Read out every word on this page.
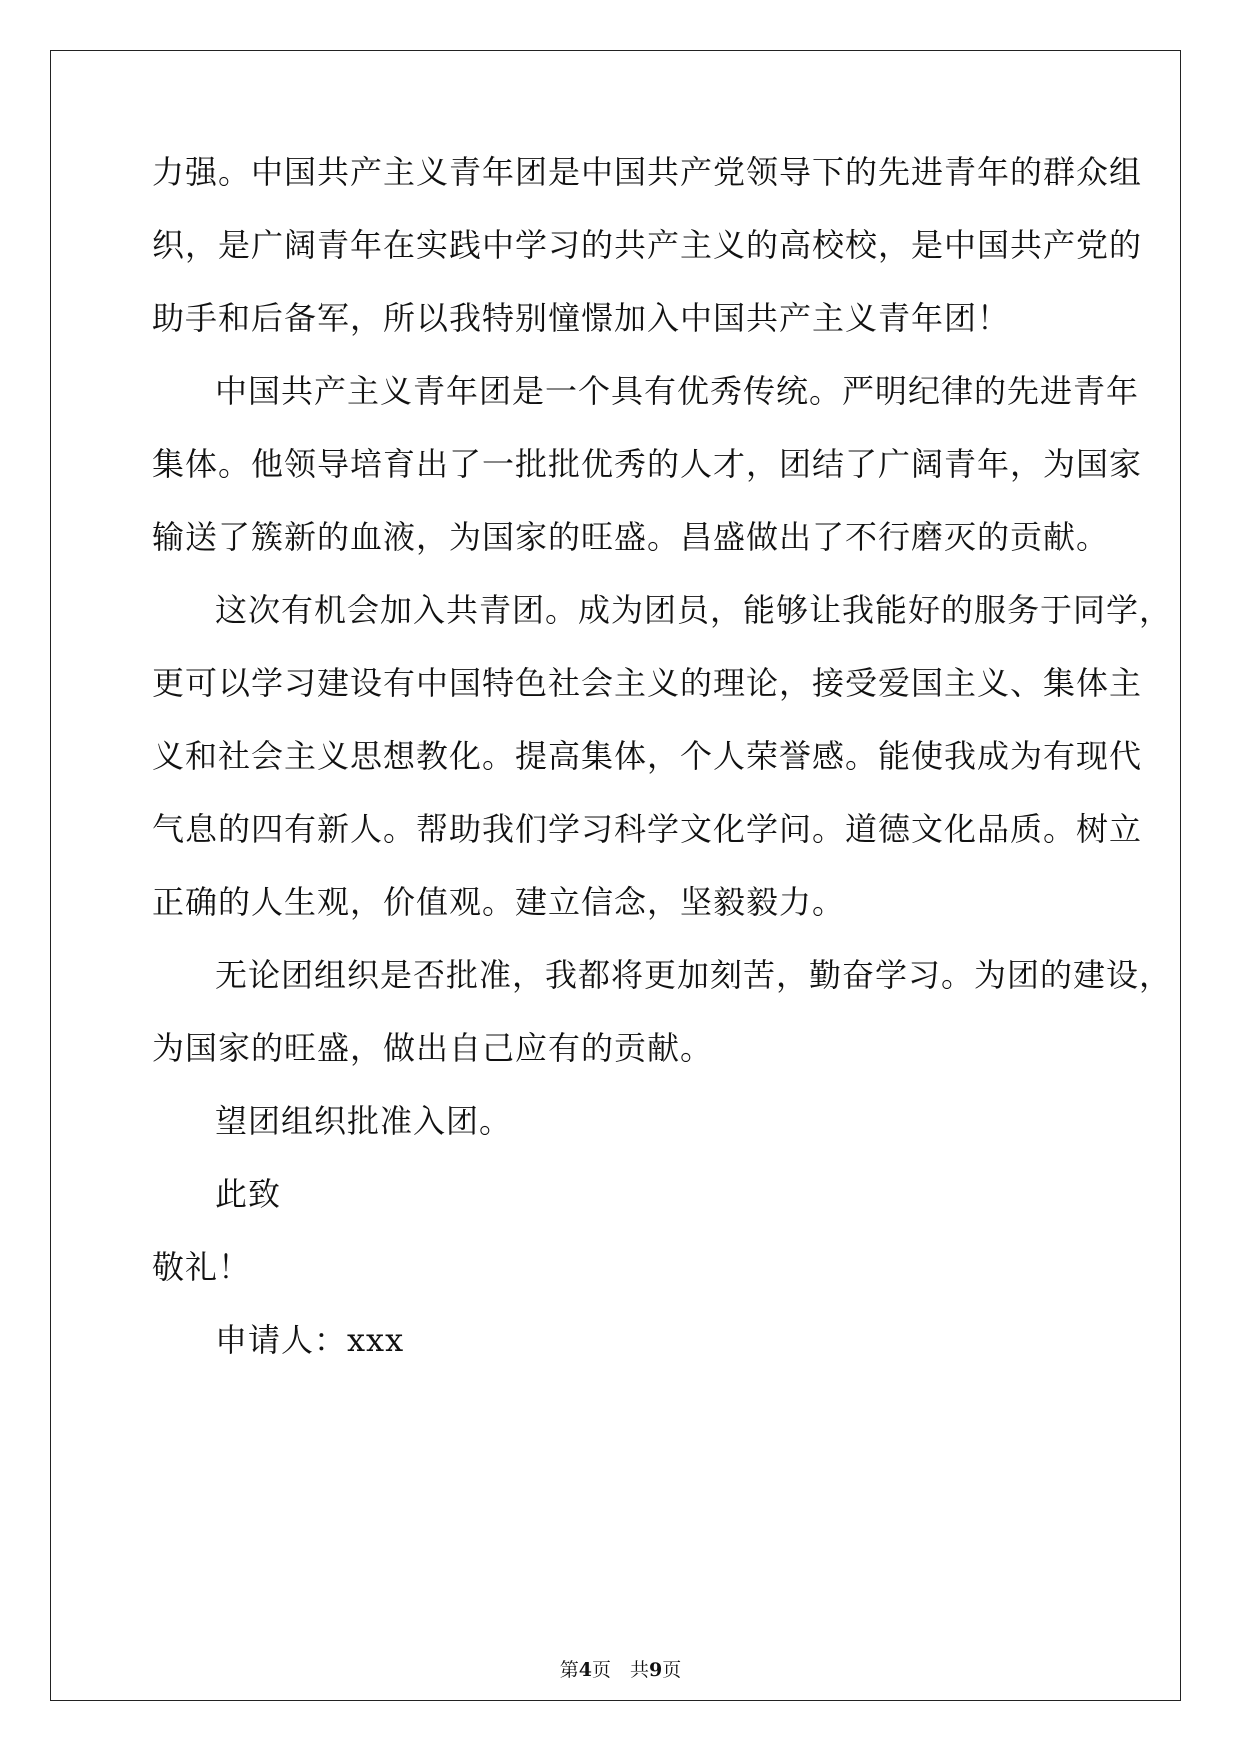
力强。中国共产主义青年团是中国共产党领导下的先进青年的群众组
织，是广阔青年在实践中学习的共产主义的高校校，是中国共产党的
助手和后备军，所以我特别憧憬加入中国共产主义青年团！
中国共产主义青年团是一个具有优秀传统。严明纪律的先进青年
集体。他领导培育出了一批批优秀的人才，团结了广阔青年，为国家
输送了簇新的血液，为国家的旺盛。昌盛做出了不行磨灭的贡献。
这次有机会加入共青团。成为团员，能够让我能好的服务于同学，
更可以学习建设有中国特色社会主义的理论，接受爱国主义、集体主
义和社会主义思想教化。提高集体，个人荣誉感。能使我成为有现代
气息的四有新人。帮助我们学习科学文化学问。道德文化品质。树立
正确的人生观，价值观。建立信念，坚毅毅力。
无论团组织是否批准，我都将更加刻苦，勤奋学习。为团的建设，
为国家的旺盛，做出自己应有的贡献。
望团组织批准入团。
此致
敬礼！
申请人：xxx
第4页　共9页
